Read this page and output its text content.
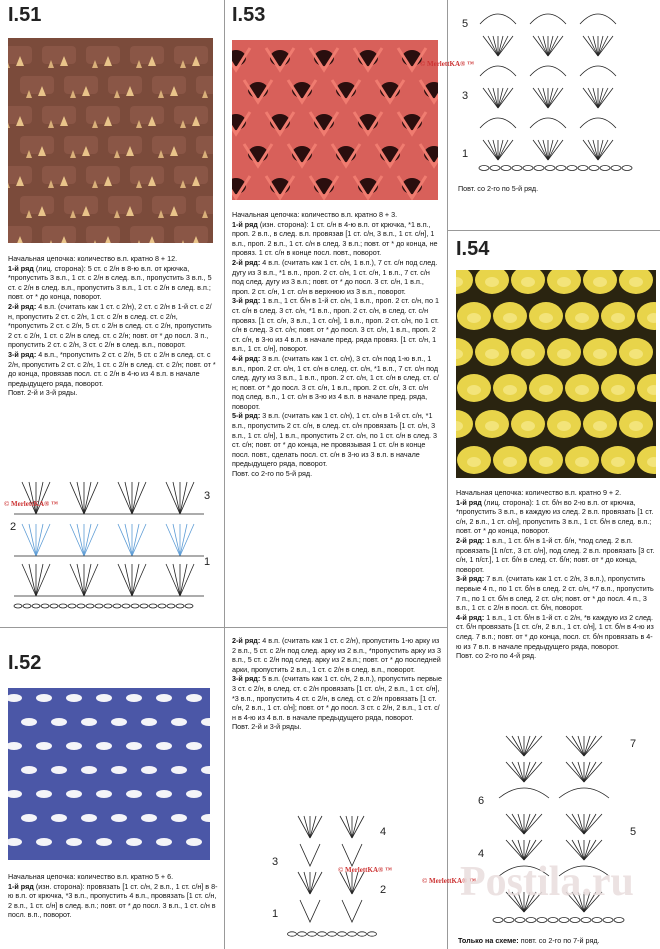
I.51
Начальная цепочка: количество в.п. кратно 8 + 12.
1-й ряд (лиц. сторона): 5 ст. с 2/н в 8-ю в.п. от крючка, *пропустить 3 в.п., 1 ст. с 2/н в след. в.п., пропустить 3 в.п., 5 ст. с 2/н в след. в.п., пропустить 3 в.п., 1 ст. с 2/н в след. в.п.; повт. от * до конца, поворот.
2-й ряд: 4 в.п. (считать как 1 ст. с 2/н), 2 ст. с 2/н в 1-й ст. с 2/н, пропустить 2 ст. с 2/н, 1 ст. с 2/н в след. ст. с 2/н, *пропустить 2 ст. с 2/н, 5 ст. с 2/н в след. ст. с 2/н, пропустить 2 ст. с 2/н, 1 ст. с 2/н в след. ст. с 2/н; повт. от * до посл. 3 п., пропустить 2 ст. с 2/н, 3 ст. с 2/н в след. в.п., поворот.
3-й ряд: 4 в.п., *пропустить 2 ст. с 2/н, 5 ст. с 2/н в след. ст. с 2/н, пропустить 2 ст. с 2/н, 1 ст. с 2/н в след. ст. с 2/н; повт. от * до конца, провязав посл. ст. с 2/н в 4-ю из 4 в.п. в начале предыдущего ряда, поворот.
Повт. 2-й и 3-й ряды.
© MerlettKA® ™
3
2
1
I.53
© MerlettKA® ™
Начальная цепочка: количество в.п. кратно 8 + 3.
1-й ряд (изн. сторона): 1 ст. с/н в 4-ю в.п. от крючка, *1 в.п., проп. 2 в.п., в след. в.п. провязав [1 ст. с/н, 3 в.п., 1 ст. с/н], 1 в.п., проп. 2 в.п., 1 ст. с/н в след. 3 в.п.; повт. от * до конца, не провяз. 1 ст. с/н в конце посл. повт., поворот.
2-й ряд: 4 в.п. (считать как 1 ст. с/н, 1 в.п.), 7 ст. с/н под след. дугу из 3 в.п., *1 в.п., проп. 2 ст. с/н, 1 ст. с/н, 1 в.п., 7 ст. с/н под след. дугу из 3 в.п.; повт. от * до посл. 3 ст. с/н, 1 в.п., проп. 2 ст. с/н, 1 ст. с/н в верхнюю из 3 в.п., поворот.
3-й ряд: 1 в.п., 1 ст. б/н в 1-й ст. с/н, 1 в.п., проп. 2 ст. с/н, по 1 ст. с/н в след. 3 ст. с/н, *1 в.п., проп. 2 ст. с/н, в след. ст. с/н провяз. [1 ст. с/н, 3 в.п., 1 ст. с/н], 1 в.п., проп. 2 ст. с/н, по 1 ст. с/н в след. 3 ст. с/н; повт. от * до посл. 3 ст. с/н, 1 в.п., проп. 2 ст. с/н, в 3-ю из 4 в.п. в начале пред. ряда провяз. [1 ст. с/н, 1 в.п., 1 ст. с/н], поворот.
4-й ряд: 3 в.п. (считать как 1 ст. с/н), 3 ст. с/н под 1-ю в.п., 1 в.п., проп. 2 ст. с/н, 1 ст. с/н в след. ст. с/н, *1 в.п., 7 ст. с/н под след. дугу из 3 в.п., 1 в.п., проп. 2 ст. с/н, 1 ст. с/н в след. ст. с/н; повт. от * до посл. 3 ст. с/н, 1 в.п., проп. 2 ст. с/н, 3 ст. с/н под след. в.п., 1 ст. с/н в 3-ю из 4 в.п. в начале пред. ряда, поворот.
5-й ряд: 3 в.п. (считать как 1 ст. с/н), 1 ст. с/н в 1-й ст. с/н, *1 в.п., пропустить 2 ст. с/н, в след. ст. с/н провязать [1 ст. с/н, 3 в.п., 1 ст. с/н], 1 в.п., пропустить 2 ст. с/н, по 1 ст. с/н в след. 3 ст. с/н; повт. от * до конца, не провязывая 1 ст. с/н в конце посл. повт., сделать посл. ст. с/н в 3-ю из 3 в.п. в начале предыдущего ряда, поворот.
Повт. со 2-го по 5-й ряд.
5
3
1
Повт. со 2-го по 5-й ряд.
I.54
Начальная цепочка: количество в.п. кратно 9 + 2.
1-й ряд (лиц. сторона): 1 ст. б/н во 2-ю в.п. от крючка, *пропустить 3 в.п., в каждую из след. 2 в.п. провязать [1 ст. с/н, 2 в.п., 1 ст. с/н], пропустить 3 в.п., 1 ст. б/н в след. в.п.; повт. от * до конца, поворот.
2-й ряд: 1 в.п., 1 ст. б/н в 1-й ст. б/н, *под след. 2 в.п. провязать [1 п/ст., 3 ст. с/н], под след. 2 в.п. провязать [3 ст. с/н, 1 п/ст.], 1 ст. б/н в след. ст. б/н; повт. от * до конца, поворот.
3-й ряд: 7 в.п. (считать как 1 ст. с 2/н, 3 в.п.), пропустить первые 4 п., по 1 ст. б/н в след. 2 ст. с/н, *7 в.п., пропустить 7 п., по 1 ст. б/н в след. 2 ст. с/н; повт. от * до посл. 4 п., 3 в.п., 1 ст. с 2/н в посл. ст. б/н, поворот.
4-й ряд: 1 в.п., 1 ст. б/н в 1-й ст. с 2/н, *в каждую из 2 след. ст. б/н провязать [1 ст. с/н, 2 в.п., 1 ст. с/н], 1 ст. б/н в 4-ю из след. 7 в.п.; повт. от * до конца, посл. ст. б/н провязать в 4-ю из 7 в.п. в начале предыдущего ряда, поворот.
Повт. со 2-го по 4-й ряд.
7
6
5
4
Только на схеме: повт. со 2-го по 7-й ряд.
I.52
Начальная цепочка: количество в.п. кратно 5 + 6.
1-й ряд (изн. сторона): провязать [1 ст. с/н, 2 в.п., 1 ст. с/н] в 8-ю в.п. от крючка, *3 в.п., пропустить 4 в.п., провязать [1 ст. с/н, 2 в.п., 1 ст. с/н] в след. в.п.; повт. от * до посл. 3 в.п., 1 ст. с/н в посл. в.п., поворот.
2-й ряд: 4 в.п. (считать как 1 ст. с 2/н), пропустить 1-ю арку из 2 в.п., 5 ст. с 2/н под след. арку из 2 в.п., *пропустить арку из 3 в.п., 5 ст. с 2/н под след. арку из 2 в.п.; повт. от * до последней арки, пропустить 2 в.п., 1 ст. с 2/н в след. в.п., поворот.
3-й ряд: 5 в.п. (считать как 1 ст. с/н, 2 в.п.), пропустить первые 3 ст. с 2/н, в след. ст. с 2/н провязать [1 ст. с/н, 2 в.п., 1 ст. с/н], *3 в.п., пропустить 4 ст. с 2/н, в след. ст. с 2/н провязать [1 ст. с/н, 2 в.п., 1 ст. с/н]; повт. от * до посл. 3 ст. с 2/н, 2 в.п., 1 ст. с/н в 4-ю из 4 в.п. в начале предыдущего ряда, поворот.
Повт. 2-й и 3-й ряды.
4
3
2
1
© MerlettKA® ™
© MerlettKA® ™
Postila.ru
